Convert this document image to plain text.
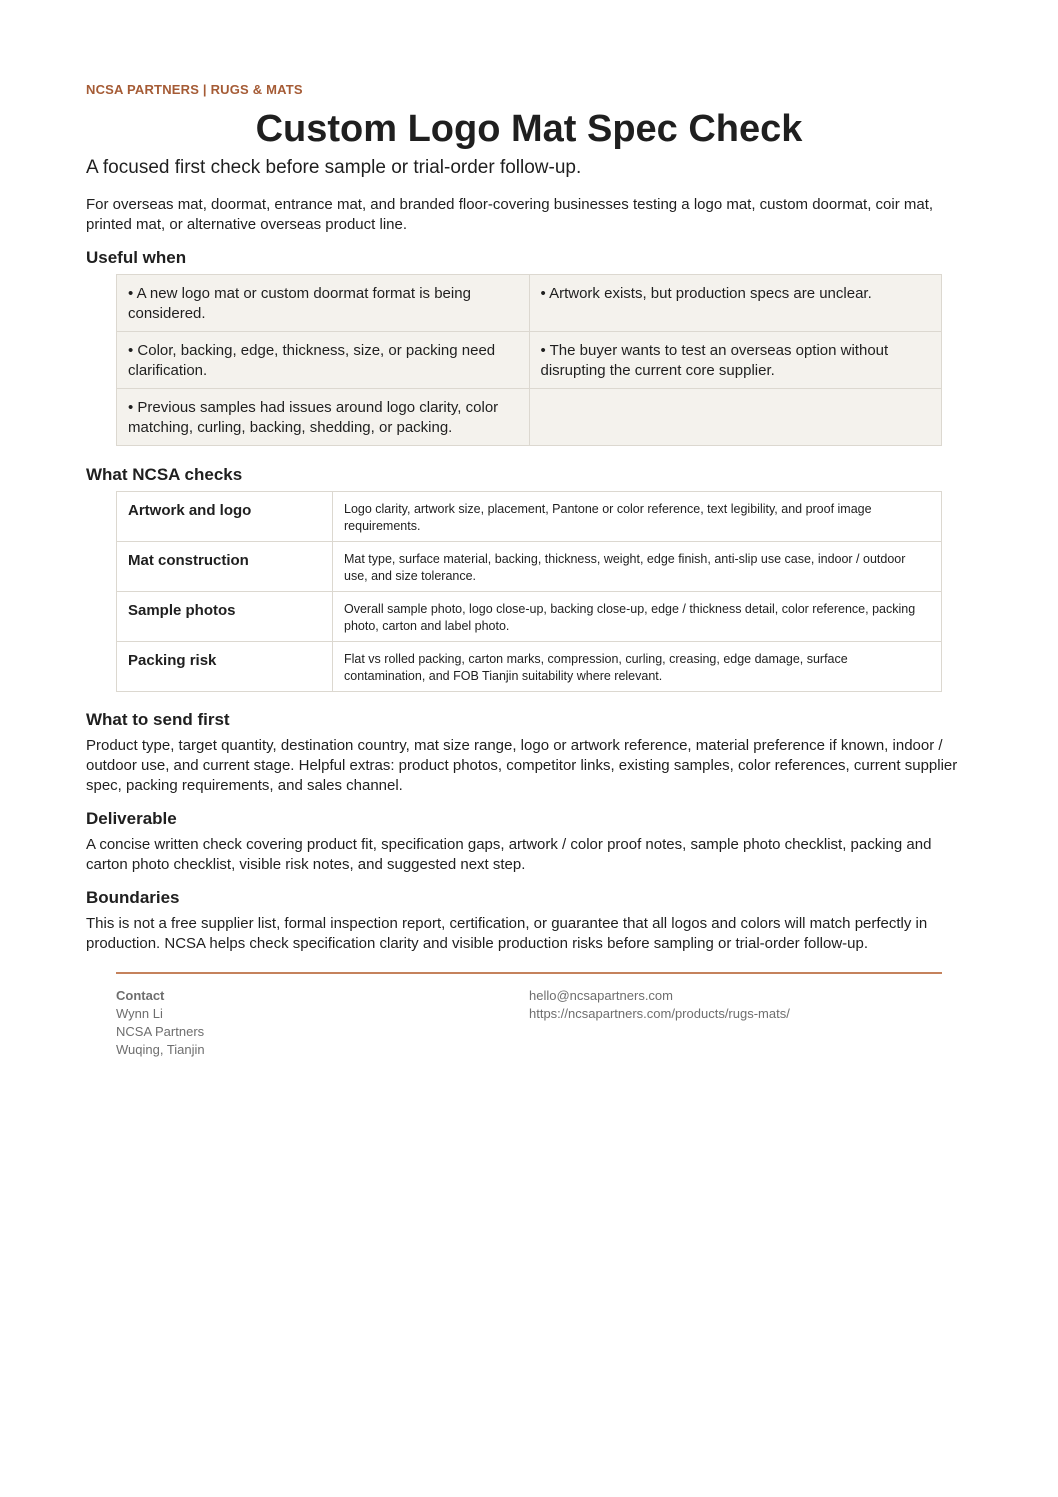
NCSA PARTNERS | RUGS & MATS

Custom Logo Mat Spec Check

A focused first check before sample or trial-order follow-up.

For overseas mat, doormat, entrance mat, and branded floor-covering businesses testing a logo mat, custom doormat, coir mat, printed mat, or alternative overseas product line.

Useful when
• A new logo mat or custom doormat format is being considered.	• Artwork exists, but production specs are unclear.
• Color, backing, edge, thickness, size, or packing need clarification.	• The buyer wants to test an overseas option without disrupting the current core supplier.
• Previous samples had issues around logo clarity, color matching, curling, backing, shedding, or packing.	
What NCSA checks
Artwork and logo	Logo clarity, artwork size, placement, Pantone or color reference, text legibility, and proof image requirements.
Mat construction	Mat type, surface material, backing, thickness, weight, edge finish, anti-slip use case, indoor / outdoor use, and size tolerance.
Sample photos	Overall sample photo, logo close-up, backing close-up, edge / thickness detail, color reference, packing photo, carton and label photo.
Packing risk	Flat vs rolled packing, carton marks, compression, curling, creasing, edge damage, surface contamination, and FOB Tianjin suitability where relevant.
What to send first

Product type, target quantity, destination country, mat size range, logo or artwork reference, material preference if known, indoor / outdoor use, and current stage. Helpful extras: product photos, competitor links, existing samples, color references, current supplier spec, packing requirements, and sales channel.

Deliverable

A concise written check covering product fit, specification gaps, artwork / color proof notes, sample photo checklist, packing and carton photo checklist, visible risk notes, and suggested next step.

Boundaries

This is not a free supplier list, formal inspection report, certification, or guarantee that all logos and colors will match perfectly in production. NCSA helps check specification clarity and visible production risks before sampling or trial-order follow-up.

Contact
Wynn Li
NCSA Partners
Wuqing, Tianjin
hello@ncsapartners.com
https://ncsapartners.com/products/rugs-mats/
